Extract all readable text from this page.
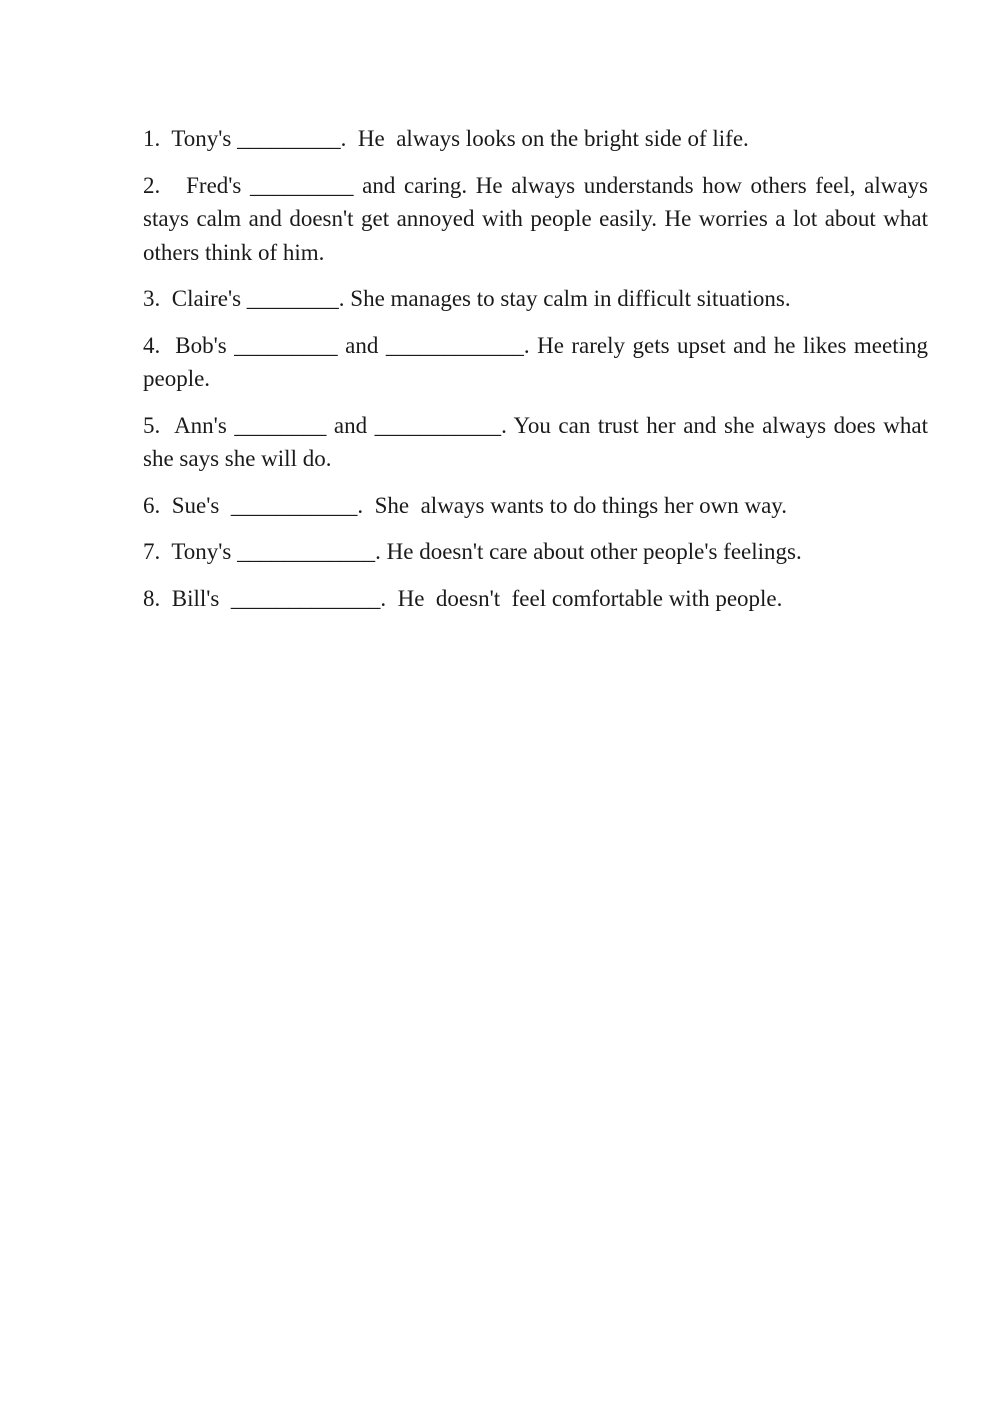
1.  Tony's _________.  He  always looks on the bright side of life.
2.   Fred's _________ and caring. He always understands how others feel, always stays calm and doesn't get annoyed with people easily. He worries a lot about what others think of him.
3.  Claire's ________. She manages to stay calm in difficult situations.
4.  Bob's _________ and ____________. He rarely gets upset and he likes meeting people.
5.  Ann's ________ and ___________. You can trust her and she always does what she says she will do.
6.  Sue's  ___________.  She  always wants to do things her own way.
7.  Tony's ____________. He doesn't care about other people's feelings.
8.  Bill's  _____________.  He  doesn't  feel comfortable with people.
